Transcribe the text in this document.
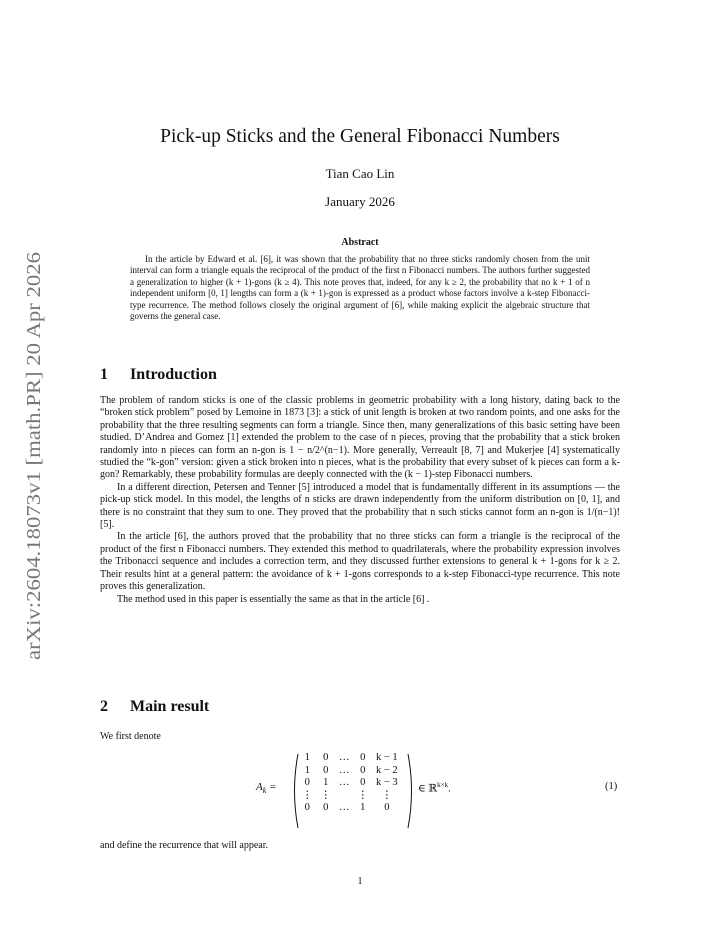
arXiv:2604.18073v1 [math.PR] 20 Apr 2026
Pick-up Sticks and the General Fibonacci Numbers
Tian Cao Lin
January 2026
Abstract

In the article by Edward et al. [6], it was shown that the probability that no three sticks randomly chosen from the unit interval can form a triangle equals the reciprocal of the product of the first n Fibonacci numbers. The authors further suggested a generalization to higher (k + 1)-gons (k ≥ 4). This note proves that, indeed, for any k ≥ 2, the probability that no k + 1 of n independent uniform [0, 1] lengths can form a (k + 1)-gon is expressed as a product whose factors involve a k-step Fibonacci-type recurrence. The method follows closely the original argument of [6], while making explicit the algebraic structure that governs the general case.

1 Introduction

The problem of random sticks is one of the classic problems in geometric probability with a long history, dating back to the “broken stick problem” posed by Lemoine in 1873 [3]: a stick of unit length is broken at two random points, and one asks for the probability that the three resulting segments can form a triangle. Since then, many generalizations of this basic setting have been studied. D’Andrea and Gomez [1] extended the problem to the case of n pieces, proving that the probability that a stick broken randomly into n pieces can form an n-gon is 1 − n/2^(n−1). More generally, Verreault [8, 7] and Mukerjee [4] systematically studied the “k-gon” version: given a stick broken into n pieces, what is the probability that every subset of k pieces can form a k-gon? Remarkably, these probability formulas are deeply connected with the (k − 1)-step Fibonacci numbers.

In a different direction, Petersen and Tenner [5] introduced a model that is fundamentally different in its assumptions — the pick-up stick model. In this model, the lengths of n sticks are drawn independently from the uniform distribution on [0, 1], and there is no constraint that they sum to one. They proved that the probability that n such sticks cannot form an n-gon is 1/(n−1)! [5].

In the article [6], the authors proved that the probability that no three sticks can form a triangle is the reciprocal of the product of the first n Fibonacci numbers. They extended this method to quadrilaterals, where the probability expression involves the Tribonacci sequence and includes a correction term, and they discussed further extensions to general k + 1-gons for k ≥ 2. Their results hint at a general pattern: the avoidance of k + 1-gons corresponds to a k-step Fibonacci-type recurrence. This note proves this generalization.

The method used in this paper is essentially the same as that in the article [6] .

2 Main result
We first denote
$A_k$ =
1	0	…	0	k − 1
1	0	…	0	k − 2
0	1	…	0	k − 3
⋮	⋮		⋮	⋮
0	0	…	1	0
∈ ℝ$^{k\times k}$.	(1)
and define the recurrence that will appear.
1
